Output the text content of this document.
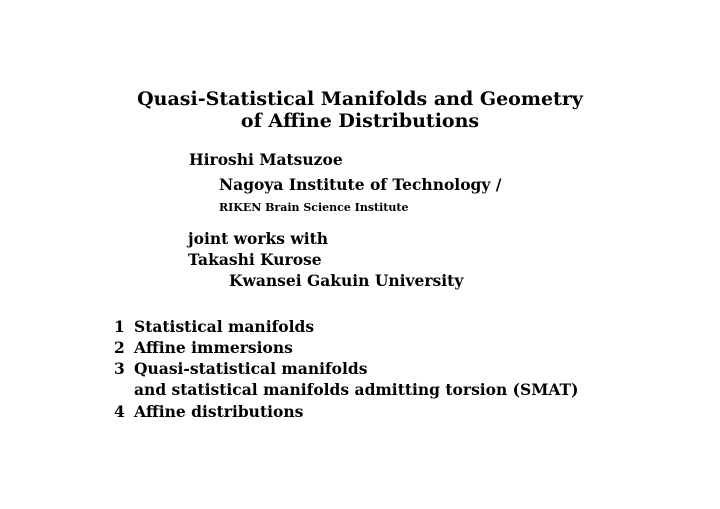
Quasi-Statistical Manifolds and Geometry
of Affine Distributions
Hiroshi Matsuzoe
Nagoya Institute of Technology /
RIKEN Brain Science Institute
joint works with
Takashi Kurose
Kwansei Gakuin University
1 Statistical manifolds
2 Affine immersions
3 Quasi-statistical manifolds
and statistical manifolds admitting torsion (SMAT)
4 Affine distributions
